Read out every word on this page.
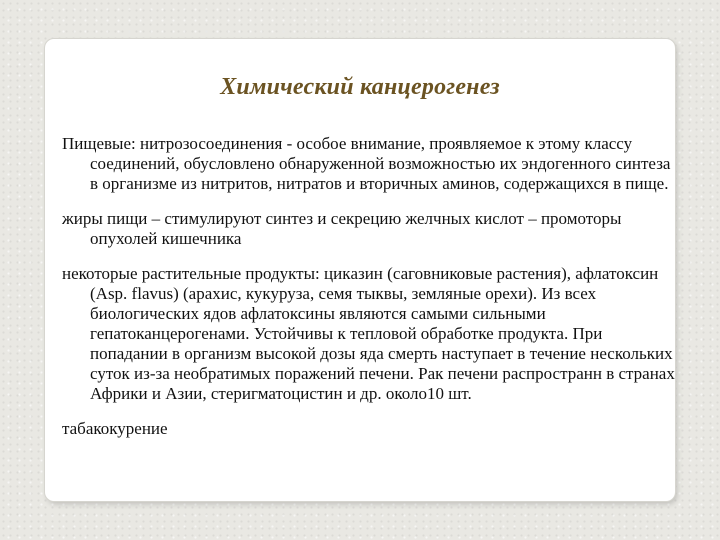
Химический канцерогенез

Пищевые: нитрозосоединения - особое внимание, проявляемое к этому классу соединений, обусловлено обнаруженной возможностью их эндогенного синтеза в организме из нитритов, нитратов и вторичных аминов, содержащихся в пище.

жиры пищи – стимулируют синтез и секрецию желчных кислот – промоторы опухолей кишечника

некоторые растительные продукты: цикaзин (саговниковые растения), афлатоксин (Asp. flavus) (арахис, кукуруза, семя тыквы, земляные орехи). Из всех биологических ядов афлатоксины являются самыми сильными гепатоканцерогенами. Устойчивы к тепловой обработке продукта. При попадании в организм высокой дозы яда смерть наступает в течение нескольких суток из-за необратимых поражений печени. Рак печени распространн в странах Африки и Азии, стеригматоцистин и др. около10 шт.

табакокурение
